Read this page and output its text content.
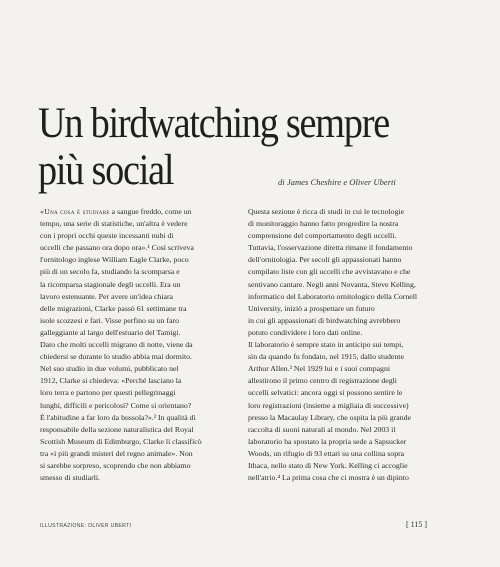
Un birdwatching sempre
più social	di James Cheshire e Oliver Uberti
«Una cosa è studiare a sangue freddo, come un
tempo, una serie di statistiche, un'altra è vedere
con i propri occhi queste incessanti nubi di
uccelli che passano ora dopo ora».¹ Così scriveva
l'ornitologo inglese William Eagle Clarke, poco
più di un secolo fa, studiando la scomparsa e
la ricomparsa stagionale degli uccelli. Era un
lavoro estenuante. Per avere un'idea chiara
delle migrazioni, Clarke passò 61 settimane tra
isole scozzesi e fari. Visse perfino su un faro
galleggiante al largo dell'estuario del Tamigi.
Dato che molti uccelli migrano di notte, viene da
chiedersi se durante lo studio abbia mai dormito.
Nel suo studio in due volumi, pubblicato nel
1912, Clarke si chiedeva: «Perché lasciano la
loro terra e partono per questi pellegrinaggi
lunghi, difficili e pericolosi? Come si orientano?
È l'abitudine a far loro da bussola?».² In qualità di
responsabile della sezione naturalistica del Royal
Scottish Museum di Edimburgo, Clarke li classificò
tra «i più grandi misteri del regno animale». Non
si sarebbe sorpreso, scoprendo che non abbiamo
smesso di studiarli.
Questa sezione è ricca di studi in cui le tecnologie
di monitoraggio hanno fatto progredire la nostra
comprensione del comportamento degli uccelli.
Tuttavia, l'osservazione diretta rimane il fondamento
dell'ornitologia. Per secoli gli appassionati hanno
compilato liste con gli uccelli che avvistavano e che
sentivano cantare. Negli anni Novanta, Steve Kelling,
informatico del Laboratorio ornitologico della Cornell
University, iniziò a prospettare un futuro
in cui gli appassionati di birdwatching avrebbero
potuto condividere i loro dati online.
Il laboratorio è sempre stato in anticipo sui tempi,
sin da quando fu fondato, nel 1915, dallo studente
Arthur Allen.³ Nel 1929 lui e i suoi compagni
allestirono il primo centro di registrazione degli
uccelli selvatici: ancora oggi si possono sentire le
loro registrazioni (insieme a migliaia di successive)
presso la Macaulay Library, che ospita la più grande
raccolta di suoni naturali al mondo. Nel 2003 il
laboratorio ha spostato la propria sede a Sapsucker
Woods, un rifugio di 93 ettari su una collina sopra
Ithaca, nello stato di New York. Kelling ci accoglie
nell'atrio.⁴ La prima cosa che ci mostra è un dipinto
ILLUSTRAZIONE: OLIVER UBERTI	[ 115 ]
